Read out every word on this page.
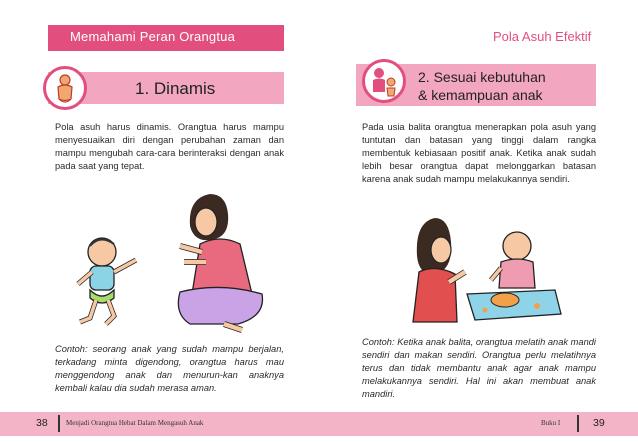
Memahami Peran Orangtua
1. Dinamis
Pola asuh harus dinamis. Orangtua harus mampu menyesuaikan diri dengan perubahan zaman dan mampu mengubah cara-cara berinteraksi dengan anak pada saat yang tepat.
Contoh: seorang anak yang sudah mampu berjalan, terkadang minta digendong, orangtua harus mau menggendong anak dan menurun-kan anaknya kembali kalau dia sudah merasa aman.
Pola Asuh Efektif
2. Sesuai kebutuhan
& kemampuan anak
Pada usia balita orangtua menerapkan pola asuh yang tuntutan dan batasan yang tinggi dalam rangka membentuk kebiasaan positif anak. Ketika anak sudah lebih besar orangtua dapat melonggarkan batasan karena anak sudah mampu melakukannya sendiri.
Contoh: Ketika anak balita, orangtua melatih anak mandi sendiri dan makan sendiri. Orangtua perlu melatihnya terus dan tidak membantu anak agar anak mampu melakukannya sendiri. Hal ini akan membuat anak mandiri.
38	Menjadi Orangtua Hebat Dalam Mengasuh Anak	Buku I	39
